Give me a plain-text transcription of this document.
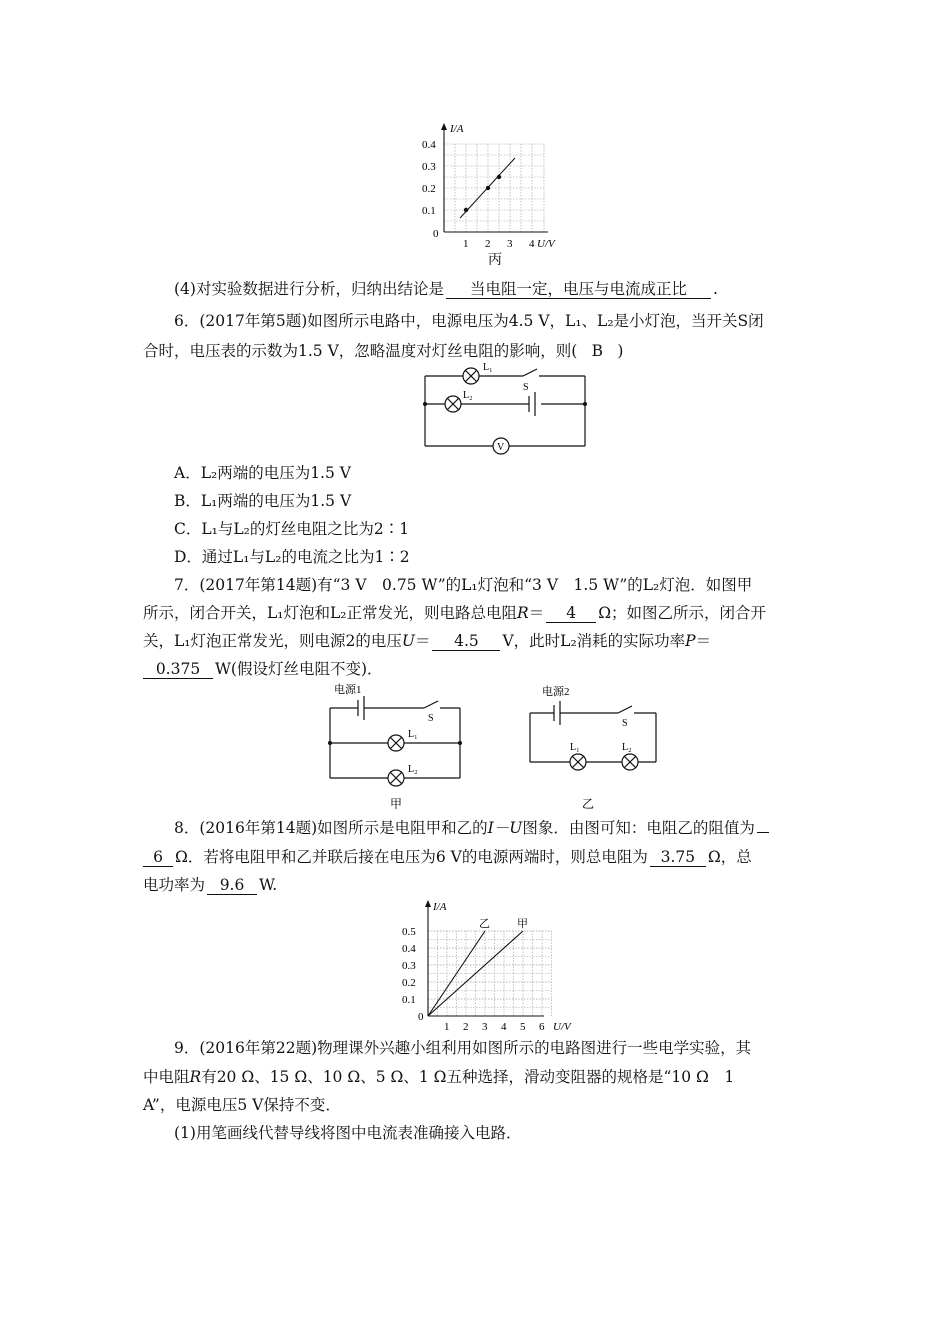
I/A
0.4
0.3
0.2
0.1
0
1 2 3 4 U/V
丙
(4)对实验数据进行分析，归纳出结论是 当电阻一定，电压与电流成正比 .
6．(2017年第5题)如图所示电路中，电源电压为4.5 V，L₁、L₂是小灯泡，当开关S闭
合时，电压表的示数为1.5 V，忽略温度对灯丝电阻的影响，则( B )
L₁
S
L₂
V
A．L₂两端的电压为1.5 V
B．L₁两端的电压为1.5 V
C．L₁与L₂的灯丝电阻之比为2∶1
D．通过L₁与L₂的电流之比为1∶2
7．(2017年第14题)有“3 V　0.75 W”的L₁灯泡和“3 V　1.5 W”的L₂灯泡．如图甲
所示，闭合开关，L₁灯泡和L₂正常发光，则电路总电阻R＝ 4 Ω；如图乙所示，闭合开
关，L₁灯泡正常发光，则电源2的电压U＝ 4.5 V，此时L₂消耗的实际功率P＝
0.375 W(假设灯丝电阻不变)．
电源1
S
L₁
L₂
甲
电源2
S
L₁	L₂
乙
8．(2016年第14题)如图所示是电阻甲和乙的I－U图象．由图可知：电阻乙的阻值为
6 Ω．若将电阻甲和乙并联后接在电压为6 V的电源两端时，则总电阻为 3.75 Ω，总
电功率为 9.6 W.
I/A
U/V
0.5
0.4
0.3
0.2
0.1
0
1 2 3 4 5 6
乙 甲
9．(2016年第22题)物理课外兴趣小组利用如图所示的电路图进行一些电学实验，其
中电阻R有20 Ω、15 Ω、10 Ω、5 Ω、1 Ω五种选择，滑动变阻器的规格是“10 Ω　1
A”，电源电压5 V保持不变．
(1)用笔画线代替导线将图中电流表准确接入电路．
